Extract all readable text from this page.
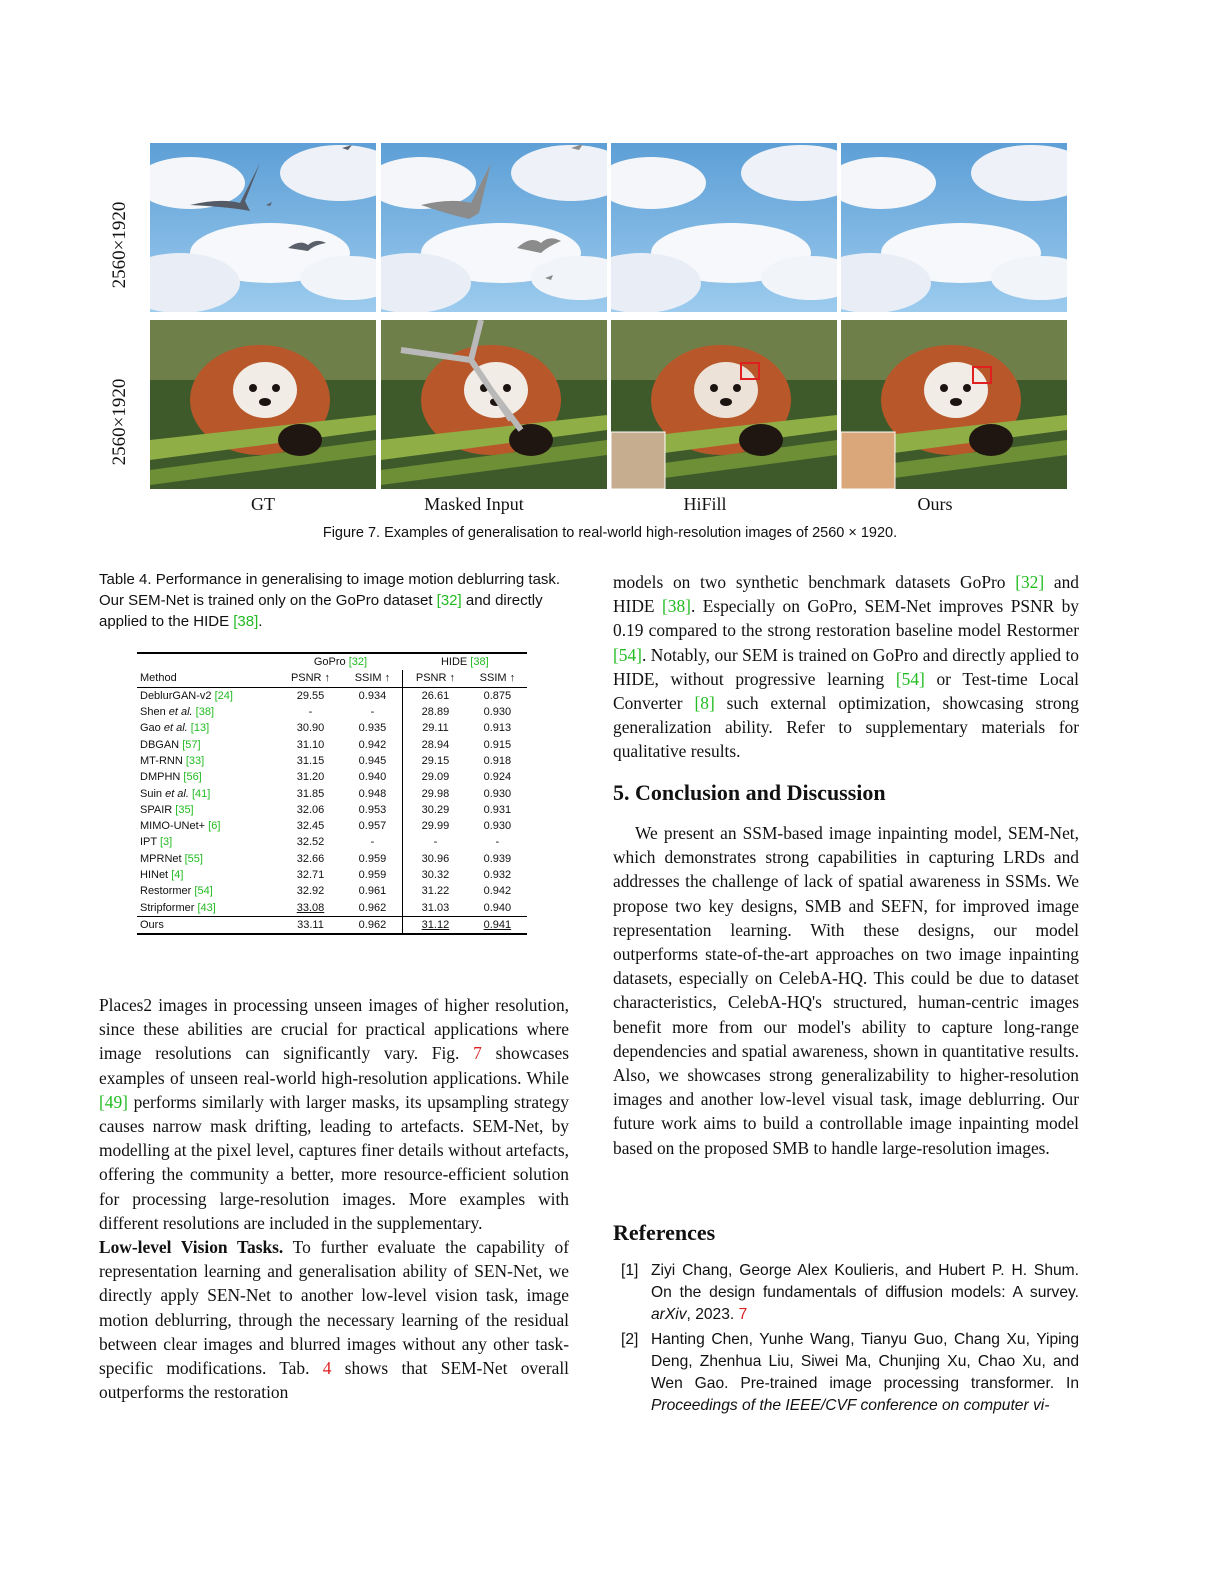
2560×1920
2560×1920
GT	Masked Input	HiFill	Ours
Figure 7. Examples of generalisation to real-world high-resolution images of 2560 × 1920.
Table 4. Performance in generalising to image motion deblurring task. Our SEM-Net is trained only on the GoPro dataset [32] and directly applied to the HIDE [38].
	GoPro [32]		HIDE [38]	
Method	PSNR ↑	SSIM ↑	PSNR ↑	SSIM ↑
DeblurGAN-v2 [24]	29.55	0.934	26.61	0.875
Shen et al. [38]	-	-	28.89	0.930
Gao et al. [13]	30.90	0.935	29.11	0.913
DBGAN [57]	31.10	0.942	28.94	0.915
MT-RNN [33]	31.15	0.945	29.15	0.918
DMPHN [56]	31.20	0.940	29.09	0.924
Suin et al. [41]	31.85	0.948	29.98	0.930
SPAIR [35]	32.06	0.953	30.29	0.931
MIMO-UNet+ [6]	32.45	0.957	29.99	0.930
IPT [3]	32.52	-	-	-
MPRNet [55]	32.66	0.959	30.96	0.939
HINet [4]	32.71	0.959	30.32	0.932
Restormer [54]	32.92	0.961	31.22	0.942
Stripformer [43]	33.08	0.962	31.03	0.940
Ours	33.11	0.962	31.12	0.941

Places2 images in processing unseen images of higher resolution, since these abilities are crucial for practical applications where image resolutions can significantly vary. Fig. 7 showcases examples of unseen real-world high-resolution applications. While [49] performs similarly with larger masks, its upsampling strategy causes narrow mask drifting, leading to artefacts. SEM-Net, by modelling at the pixel level, captures finer details without artefacts, offering the community a better, more resource-efficient solution for processing large-resolution images. More examples with different resolutions are included in the supplementary.

Low-level Vision Tasks. To further evaluate the capability of representation learning and generalisation ability of SEN-Net, we directly apply SEN-Net to another low-level vision task, image motion deblurring, through the necessary learning of the residual between clear images and blurred images without any other task-specific modifications. Tab. 4 shows that SEM-Net overall outperforms the restoration

models on two synthetic benchmark datasets GoPro [32] and HIDE [38]. Especially on GoPro, SEM-Net improves PSNR by 0.19 compared to the strong restoration baseline model Restormer [54]. Notably, our SEM is trained on GoPro and directly applied to HIDE, without progressive learning [54] or Test-time Local Converter [8] such external optimization, showcasing strong generalization ability. Refer to supplementary materials for qualitative results.

5. Conclusion and Discussion

We present an SSM-based image inpainting model, SEM-Net, which demonstrates strong capabilities in capturing LRDs and addresses the challenge of lack of spatial awareness in SSMs. We propose two key designs, SMB and SEFN, for improved image representation learning. With these designs, our model outperforms state-of-the-art approaches on two image inpainting datasets, especially on CelebA-HQ. This could be due to dataset characteristics, CelebA-HQ's structured, human-centric images benefit more from our model's ability to capture long-range dependencies and spatial awareness, shown in quantitative results. Also, we showcases strong generalizability to higher-resolution images and another low-level visual task, image deblurring. Our future work aims to build a controllable image inpainting model based on the proposed SMB to handle large-resolution images.

References
[1] Ziyi Chang, George Alex Koulieris, and Hubert P. H. Shum. On the design fundamentals of diffusion models: A survey. arXiv, 2023. 7
[2] Hanting Chen, Yunhe Wang, Tianyu Guo, Chang Xu, Yiping Deng, Zhenhua Liu, Siwei Ma, Chunjing Xu, Chao Xu, and Wen Gao. Pre-trained image processing transformer. In Proceedings of the IEEE/CVF conference on computer vi-
